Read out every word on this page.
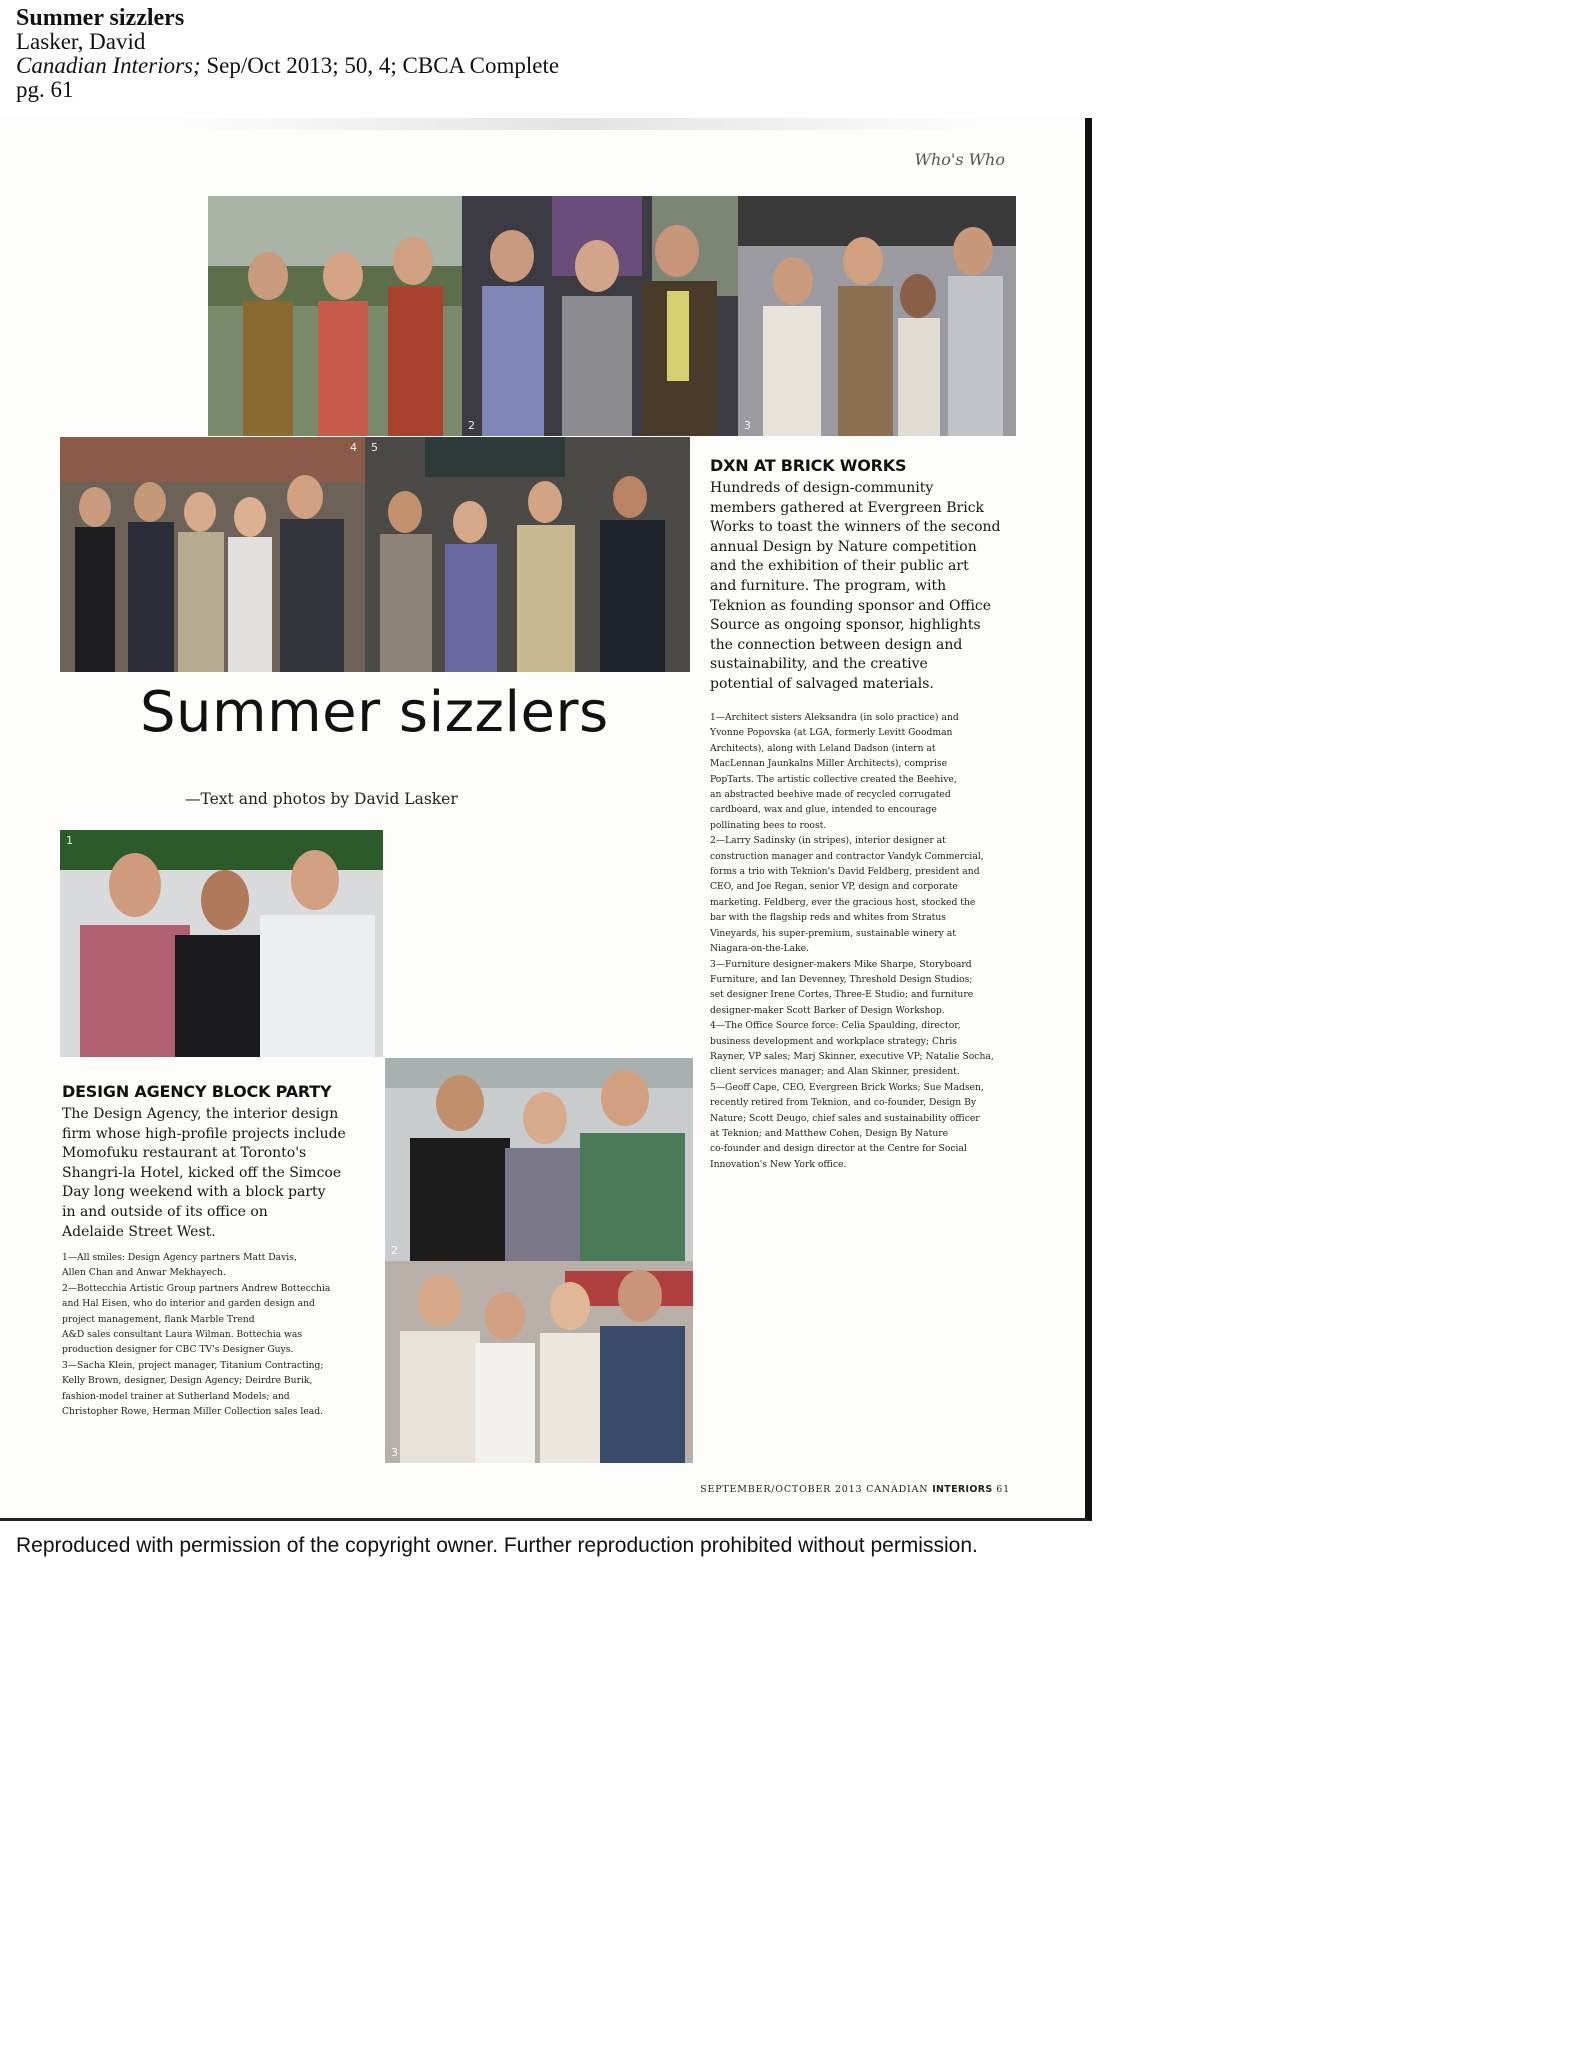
Summer sizzlers
Lasker, David
Canadian Interiors; Sep/Oct 2013; 50, 4; CBCA Complete
pg. 61
Who's Who
2	3
4 5
1
2
3
Summer sizzlers
—Text and photos by David Lasker
DXN AT BRICK WORKS
Hundreds of design-community
members gathered at Evergreen Brick
Works to toast the winners of the second
annual Design by Nature competition
and the exhibition of their public art
and furniture. The program, with
Teknion as founding sponsor and Office
Source as ongoing sponsor, highlights
the connection between design and
sustainability, and the creative
potential of salvaged materials.

1—Architect sisters Aleksandra (in solo practice) and

Yvonne Popovska (at LGA, formerly Levitt Goodman

Architects), along with Leland Dadson (intern at

MacLennan Jaunkalns Miller Architects), comprise

PopTarts. The artistic collective created the Beehive,

an abstracted beehive made of recycled corrugated

cardboard, wax and glue, intended to encourage

pollinating bees to roost.

2—Larry Sadinsky (in stripes), interior designer at

construction manager and contractor Vandyk Commercial,

forms a trio with Teknion's David Feldberg, president and

CEO, and Joe Regan, senior VP, design and corporate

marketing. Feldberg, ever the gracious host, stocked the

bar with the flagship reds and whites from Stratus

Vineyards, his super-premium, sustainable winery at

Niagara-on-the-Lake.

3—Furniture designer-makers Mike Sharpe, Storyboard

Furniture, and Ian Devenney, Threshold Design Studios;

set designer Irene Cortes, Three-E Studio; and furniture

designer-maker Scott Barker of Design Workshop.

4—The Office Source force: Celia Spaulding, director,

business development and workplace strategy; Chris

Rayner, VP sales; Marj Skinner, executive VP; Natalie Socha,

client services manager; and Alan Skinner, president.

5—Geoff Cape, CEO, Evergreen Brick Works; Sue Madsen,

recently retired from Teknion, and co-founder, Design By

Nature; Scott Deugo, chief sales and sustainability officer

at Teknion; and Matthew Cohen, Design By Nature

co-founder and design director at the Centre for Social

Innovation's New York office.

DESIGN AGENCY BLOCK PARTY
The Design Agency, the interior design
firm whose high-profile projects include
Momofuku restaurant at Toronto's
Shangri-la Hotel, kicked off the Simcoe
Day long weekend with a block party
in and outside of its office on
Adelaide Street West.

1—All smiles: Design Agency partners Matt Davis,

Allen Chan and Anwar Mekhayech.

2—Bottecchia Artistic Group partners Andrew Bottecchia

and Hal Eisen, who do interior and garden design and

project management, flank Marble Trend

A&D sales consultant Laura Wilman. Bottechia was

production designer for CBC TV's Designer Guys.

3—Sacha Klein, project manager, Titanium Contracting;

Kelly Brown, designer, Design Agency; Deirdre Burik,

fashion-model trainer at Sutherland Models; and

Christopher Rowe, Herman Miller Collection sales lead.

SEPTEMBER/OCTOBER 2013 CANADIAN INTERIORS 61
Reproduced with permission of the copyright owner. Further reproduction prohibited without permission.
